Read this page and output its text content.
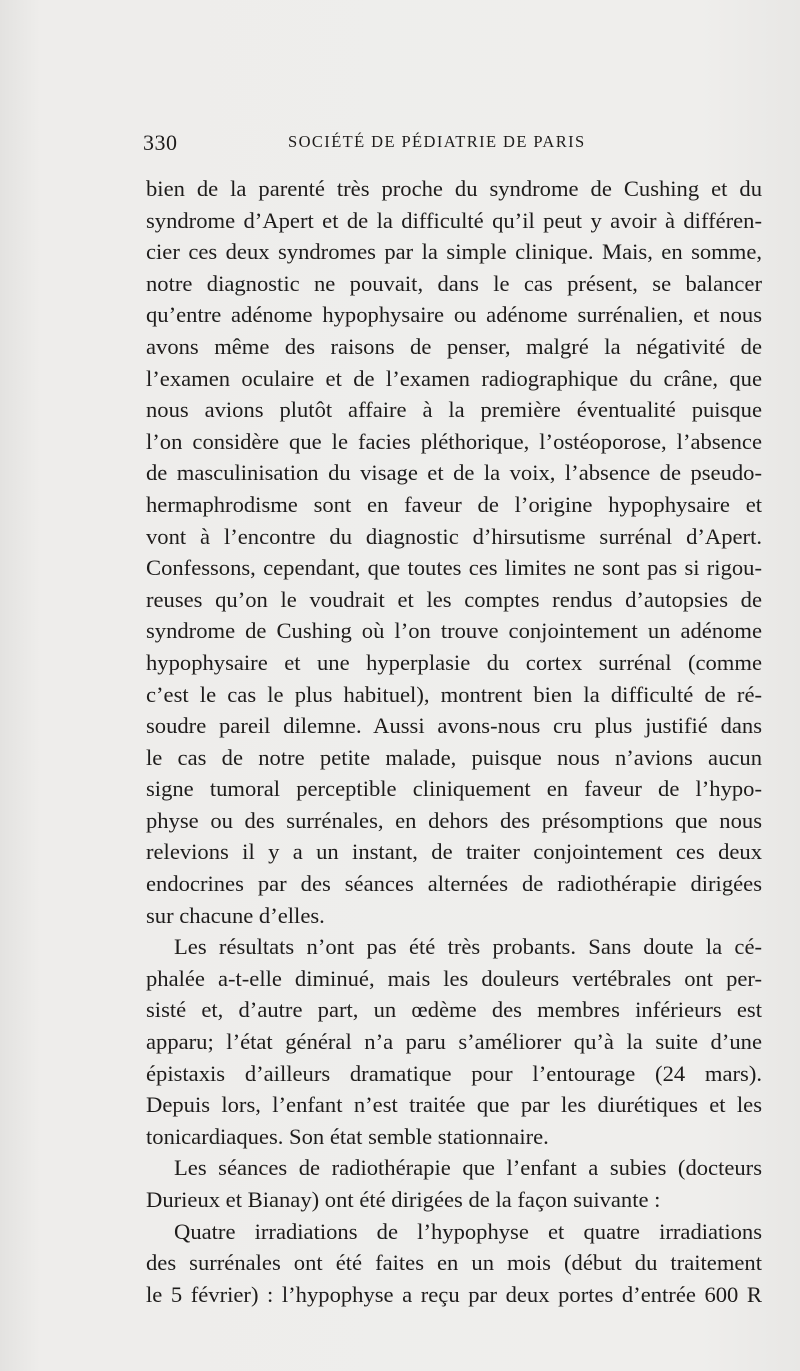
330	SOCIÉTÉ DE PÉDIATRIE DE PARIS
bien de la parenté très proche du syndrome de Cushing et du
syndrome d’Apert et de la difficulté qu’il peut y avoir à différen-
cier ces deux syndromes par la simple clinique. Mais, en somme,
notre diagnostic ne pouvait, dans le cas présent, se balancer
qu’entre adénome hypophysaire ou adénome surrénalien, et nous
avons même des raisons de penser, malgré la négativité de
l’examen oculaire et de l’examen radiographique du crâne, que
nous avions plutôt affaire à la première éventualité puisque
l’on considère que le facies pléthorique, l’ostéoporose, l’absence
de masculinisation du visage et de la voix, l’absence de pseudo-
hermaphrodisme sont en faveur de l’origine hypophysaire et
vont à l’encontre du diagnostic d’hirsutisme surrénal d’Apert.
Confessons, cependant, que toutes ces limites ne sont pas si rigou-
reuses qu’on le voudrait et les comptes rendus d’autopsies de
syndrome de Cushing où l’on trouve conjointement un adénome
hypophysaire et une hyperplasie du cortex surrénal (comme
c’est le cas le plus habituel), montrent bien la difficulté de ré-
soudre pareil dilemne. Aussi avons-nous cru plus justifié dans
le cas de notre petite malade, puisque nous n’avions aucun
signe tumoral perceptible cliniquement en faveur de l’hypo-
physe ou des surrénales, en dehors des présomptions que nous
relevions il y a un instant, de traiter conjointement ces deux
endocrines par des séances alternées de radiothérapie dirigées
sur chacune d’elles.
Les résultats n’ont pas été très probants. Sans doute la cé-
phalée a-t-elle diminué, mais les douleurs vertébrales ont per-
sisté et, d’autre part, un œdème des membres inférieurs est
apparu; l’état général n’a paru s’améliorer qu’à la suite d’une
épistaxis d’ailleurs dramatique pour l’entourage (24 mars).
Depuis lors, l’enfant n’est traitée que par les diurétiques et les
tonicardiaques. Son état semble stationnaire.
Les séances de radiothérapie que l’enfant a subies (docteurs
Durieux et Bianay) ont été dirigées de la façon suivante :
Quatre irradiations de l’hypophyse et quatre irradiations
des surrénales ont été faites en un mois (début du traitement
le 5 février) : l’hypophyse a reçu par deux portes d’entrée 600 R
